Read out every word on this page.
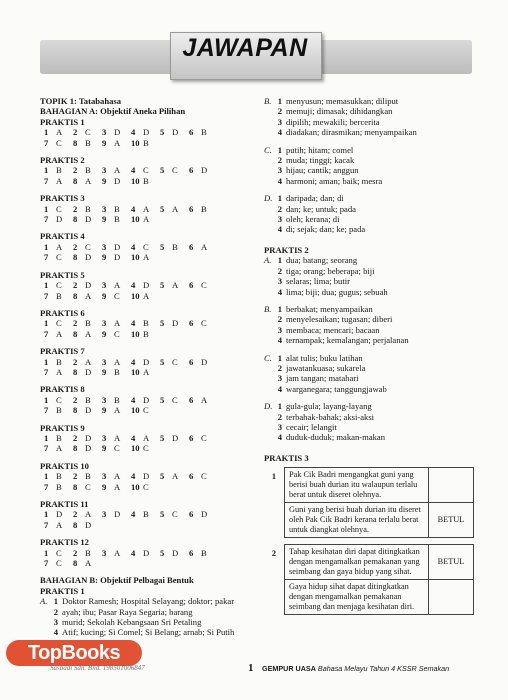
JAWAPAN
TOPIK 1: Tatabahasa
BAHAGIAN A: Objektif Aneka Pilihan
PRAKTIS 1
1 A	2 C	3 D	4 D	5 D	6 B
7 C	8 B	9 A	10 B
PRAKTIS 2
1 B	2 B	3 A	4 C	5 C	6 D
7 A	8 A	9 D	10 B
PRAKTIS 3
1 C	2 B	3 B	4 A	5 A	6 B
7 D	8 D	9 B	10 A
PRAKTIS 4
1 A	2 C	3 D	4 C	5 B	6 A
7 C	8 D	9 D	10 A
PRAKTIS 5
1 C	2 D	3 A	4 D	5 A	6 C
7 B	8 A	9 C	10 A
PRAKTIS 6
1 C	2 B	3 A	4 B	5 D	6 C
7 A	8 A	9 C	10 B
PRAKTIS 7
1 B	2 A	3 A	4 D	5 C	6 D
7 A	8 D	9 B	10 A
PRAKTIS 8
1 C	2 B	3 B	4 D	5 C	6 A
7 B	8 D	9 A	10 C
PRAKTIS 9
1 B	2 D	3 A	4 A	5 D	6 C
7 A	8 D	9 C	10 C
PRAKTIS 10
1 B	2 B	3 A	4 D	5 A	6 C
7 B	8 C	9 A	10 C
PRAKTIS 11
1 D	2 A	3 D	4 B	5 C	6 D
7 A	8 D
PRAKTIS 12
1 C	2 B	3 A	4 D	5 D	6 B
7 C	8 A
BAHAGIAN B: Objektif Pelbagai Bentuk
PRAKTIS 1
A. 1 Doktor Ramesh; Hospital Selayang; doktor; pakar
2 ayah; ibu; Pasar Raya Segaria; barang
3 murid; Sekolah Kebangsaan Sri Petaling
4 Atif; kucing; Si Comel; Si Belang; arnab; Si Putih
B. 1 menyusun; memasukkan; diliput
2 memuji; dimasak; dihidangkan
3 dipilih; mewakili; bercerita
4 diadakan; dirasmikan; menyampaikan
C. 1 putih; hitam; comel
2 muda; tinggi; kacak
3 hijau; cantik; anggun
4 harmoni; aman; baik; mesra
D. 1 daripada; dan; di
2 dan; ke; untuk; pada
3 oleh; kerana; di
4 di; sejak; dan; ke; pada
PRAKTIS 2
A. 1 dua; batang; seorang
2 tiga; orang; beberapa; biji
3 selaras; lima; butir
4 lima; biji; dua; gugus; sebuah
B. 1 berbakat; menyampaikan
2 menyelesaikan; tugasan; diberi
3 membaca; mencari; bacaan
4 ternampak; kemalangan; perjalanan
C. 1 alat tulis; buku latihan
2 jawatankuasa; sukarela
3 jam tangan; matahari
4 warganegara; tanggungjawab
D. 1 gula-gula; layang-layang
2 terbahak-bahak; aksi-aksi
3 cecair; lelangit
4 duduk-duduk; makan-makan
PRAKTIS 3
1	Pak Cik Badri mengangkat guni yang berisi buah durian itu walaupun terlalu berat untuk diseret olehnya.	
	Guni yang berisi buah durian itu diseret oleh Pak Cik Badri kerana terlalu berat untuk diangkat olehnya.	BETUL

2	Tahap kesihatan diri dapat ditingkatkan dengan mengamalkan pemakanan yang seimbang dan gaya hidup yang sihat.	BETUL
	Gaya hidup sihat dapat ditingkatkan dengan mengamalkan pemakanan seimbang dan menjaga kesihatan diri.	
TopBooks
Sasbadi Sdn. Bhd. 198501006847	1 GEMPUR UASA Bahasa Melayu Tahun 4 KSSR Semakan
